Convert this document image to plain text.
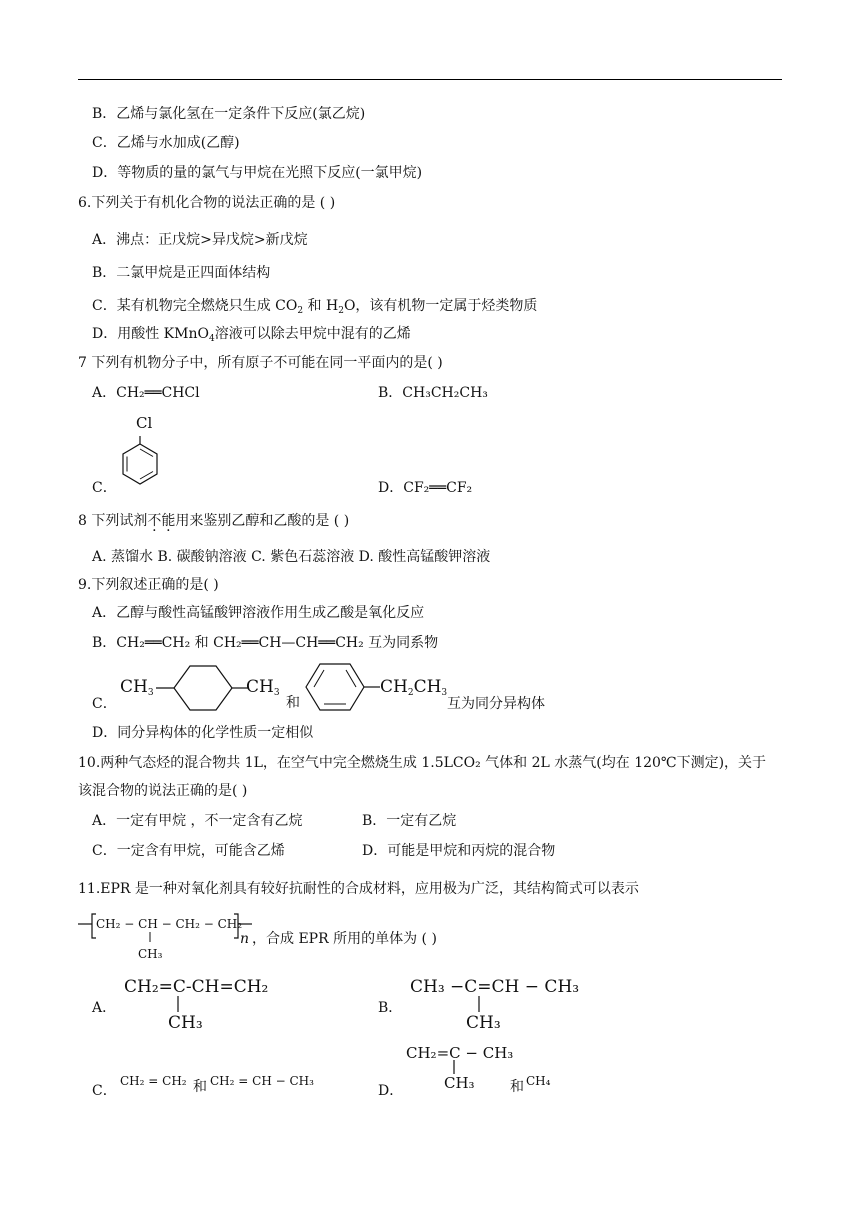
B．乙烯与氯化氢在一定条件下反应(氯乙烷)
C．乙烯与水加成(乙醇)
D．等物质的量的氯气与甲烷在光照下反应(一氯甲烷)
6.下列关于有机化合物的说法正确的是 ( )
A．沸点：正戊烷>异戊烷>新戊烷
B．二氯甲烷是正四面体结构
C．某有机物完全燃烧只生成 $CO_2$ 和 $H_2O$，该有机物一定属于烃类物质
D．用酸性 KMnO$_4$溶液可以除去甲烷中混有的乙烯
7 下列有机物分子中，所有原子不可能在同一平面内的是( )
A．CH₂══CHCl	B．CH₃CH₂CH₃
C．
Cl
D．CF₂══CF₂
8 下列试剂不能用来鉴别乙醇和乙酸的是 ( )
A. 蒸馏水 B. 碳酸钠溶液 C. 紫色石蕊溶液 D. 酸性高锰酸钾溶液
9.下列叙述正确的是( )
A．乙醇与酸性高锰酸钾溶液作用生成乙酸是氧化反应
B．CH₂══CH₂ 和 CH₂══CH—CH══CH₂ 互为同系物
C．
$CH_3$	$CH_3$
和
$CH_2CH_3$
互为同分异构体
D．同分异构体的化学性质一定相似
10.两种气态烃的混合物共 1L，在空气中完全燃烧生成 1.5LCO₂ 气体和 2L 水蒸气(均在 120℃下测定)，关于
该混合物的说法正确的是( )
A．一定有甲烷 ，不一定含有乙烷	B．一定有乙烷
C．一定含有甲烷，可能含乙烯	D．可能是甲烷和丙烷的混合物
11.EPR 是一种对氧化剂具有较好抗耐性的合成材料，应用极为广泛，其结构简式可以表示
CH₂ − CH − CH₂ − CH₂
CH₃
n ，合成 EPR 所用的单体为 ( )
A．
CH₂=C-CH=CH₂
CH₃
B．
CH₃ −C=CH − CH₃
CH₃
C．
CH₂ = CH₂ 和 CH₂ = CH − CH₃
D．
CH₂=C − CH₃
CH₃	和 CH₄
